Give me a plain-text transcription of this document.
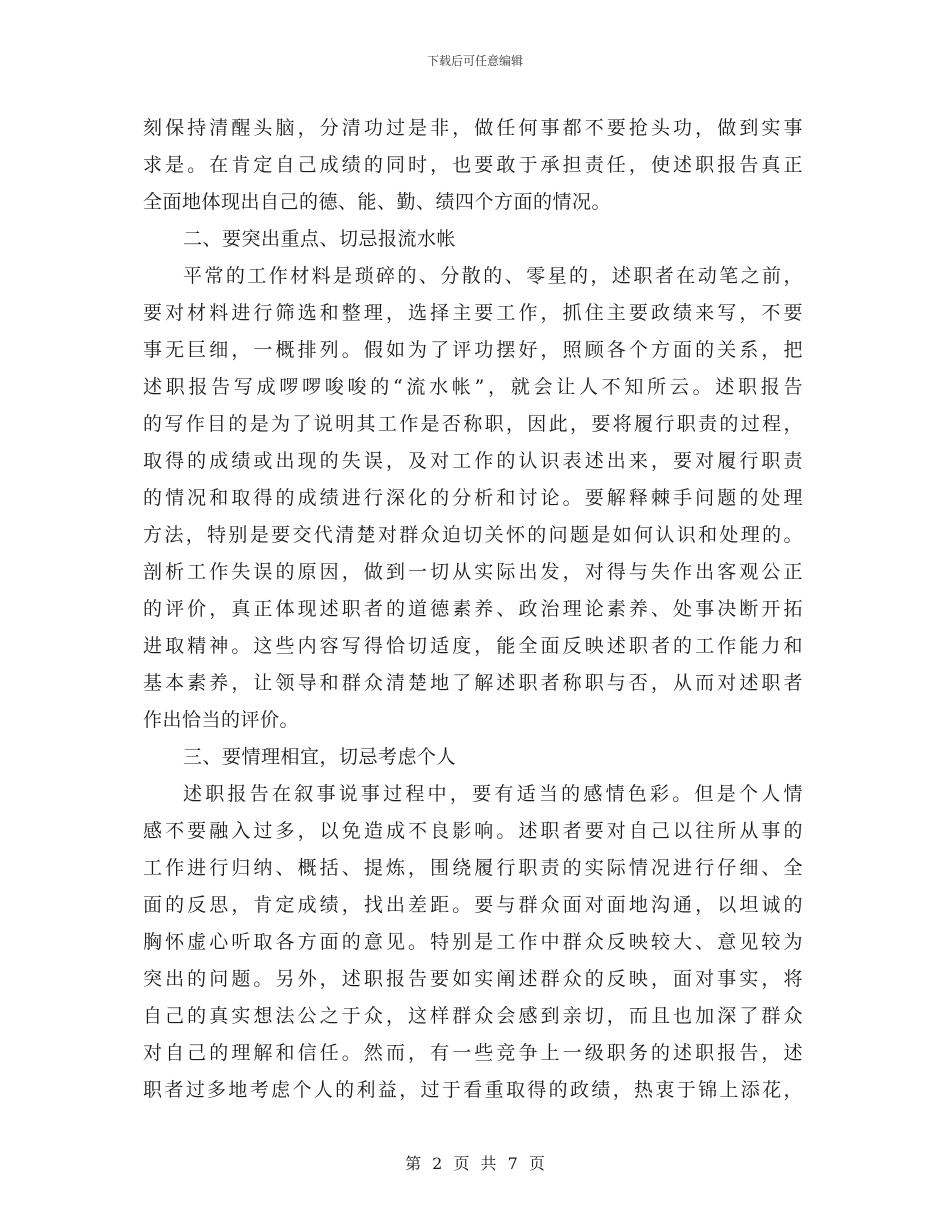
下载后可任意编辑
刻保持清醒头脑，分清功过是非，做任何事都不要抢头功，做到实事
求是。在肯定自己成绩的同时，也要敢于承担责任，使述职报告真正
全面地体现出自己的德、能、勤、绩四个方面的情况。
二、要突出重点、切忌报流水帐
平常的工作材料是琐碎的、分散的、零星的，述职者在动笔之前，
要对材料进行筛选和整理，选择主要工作，抓住主要政绩来写，不要
事无巨细，一概排列。假如为了评功摆好，照顾各个方面的关系，把
述职报告写成啰啰唆唆的“流水帐”，就会让人不知所云。述职报告
的写作目的是为了说明其工作是否称职，因此，要将履行职责的过程，
取得的成绩或出现的失误，及对工作的认识表述出来，要对履行职责
的情况和取得的成绩进行深化的分析和讨论。要解释棘手问题的处理
方法，特别是要交代清楚对群众迫切关怀的问题是如何认识和处理的。
剖析工作失误的原因，做到一切从实际出发，对得与失作出客观公正
的评价，真正体现述职者的道德素养、政治理论素养、处事决断开拓
进取精神。这些内容写得恰切适度，能全面反映述职者的工作能力和
基本素养，让领导和群众清楚地了解述职者称职与否，从而对述职者
作出恰当的评价。
三、要情理相宜，切忌考虑个人
述职报告在叙事说事过程中，要有适当的感情色彩。但是个人情
感不要融入过多，以免造成不良影响。述职者要对自己以往所从事的
工作进行归纳、概括、提炼，围绕履行职责的实际情况进行仔细、全
面的反思，肯定成绩，找出差距。要与群众面对面地沟通，以坦诚的
胸怀虚心听取各方面的意见。特别是工作中群众反映较大、意见较为
突出的问题。另外，述职报告要如实阐述群众的反映，面对事实，将
自己的真实想法公之于众，这样群众会感到亲切，而且也加深了群众
对自己的理解和信任。然而，有一些竞争上一级职务的述职报告，述
职者过多地考虑个人的利益，过于看重取得的政绩，热衷于锦上添花，
第 2 页 共 7 页
